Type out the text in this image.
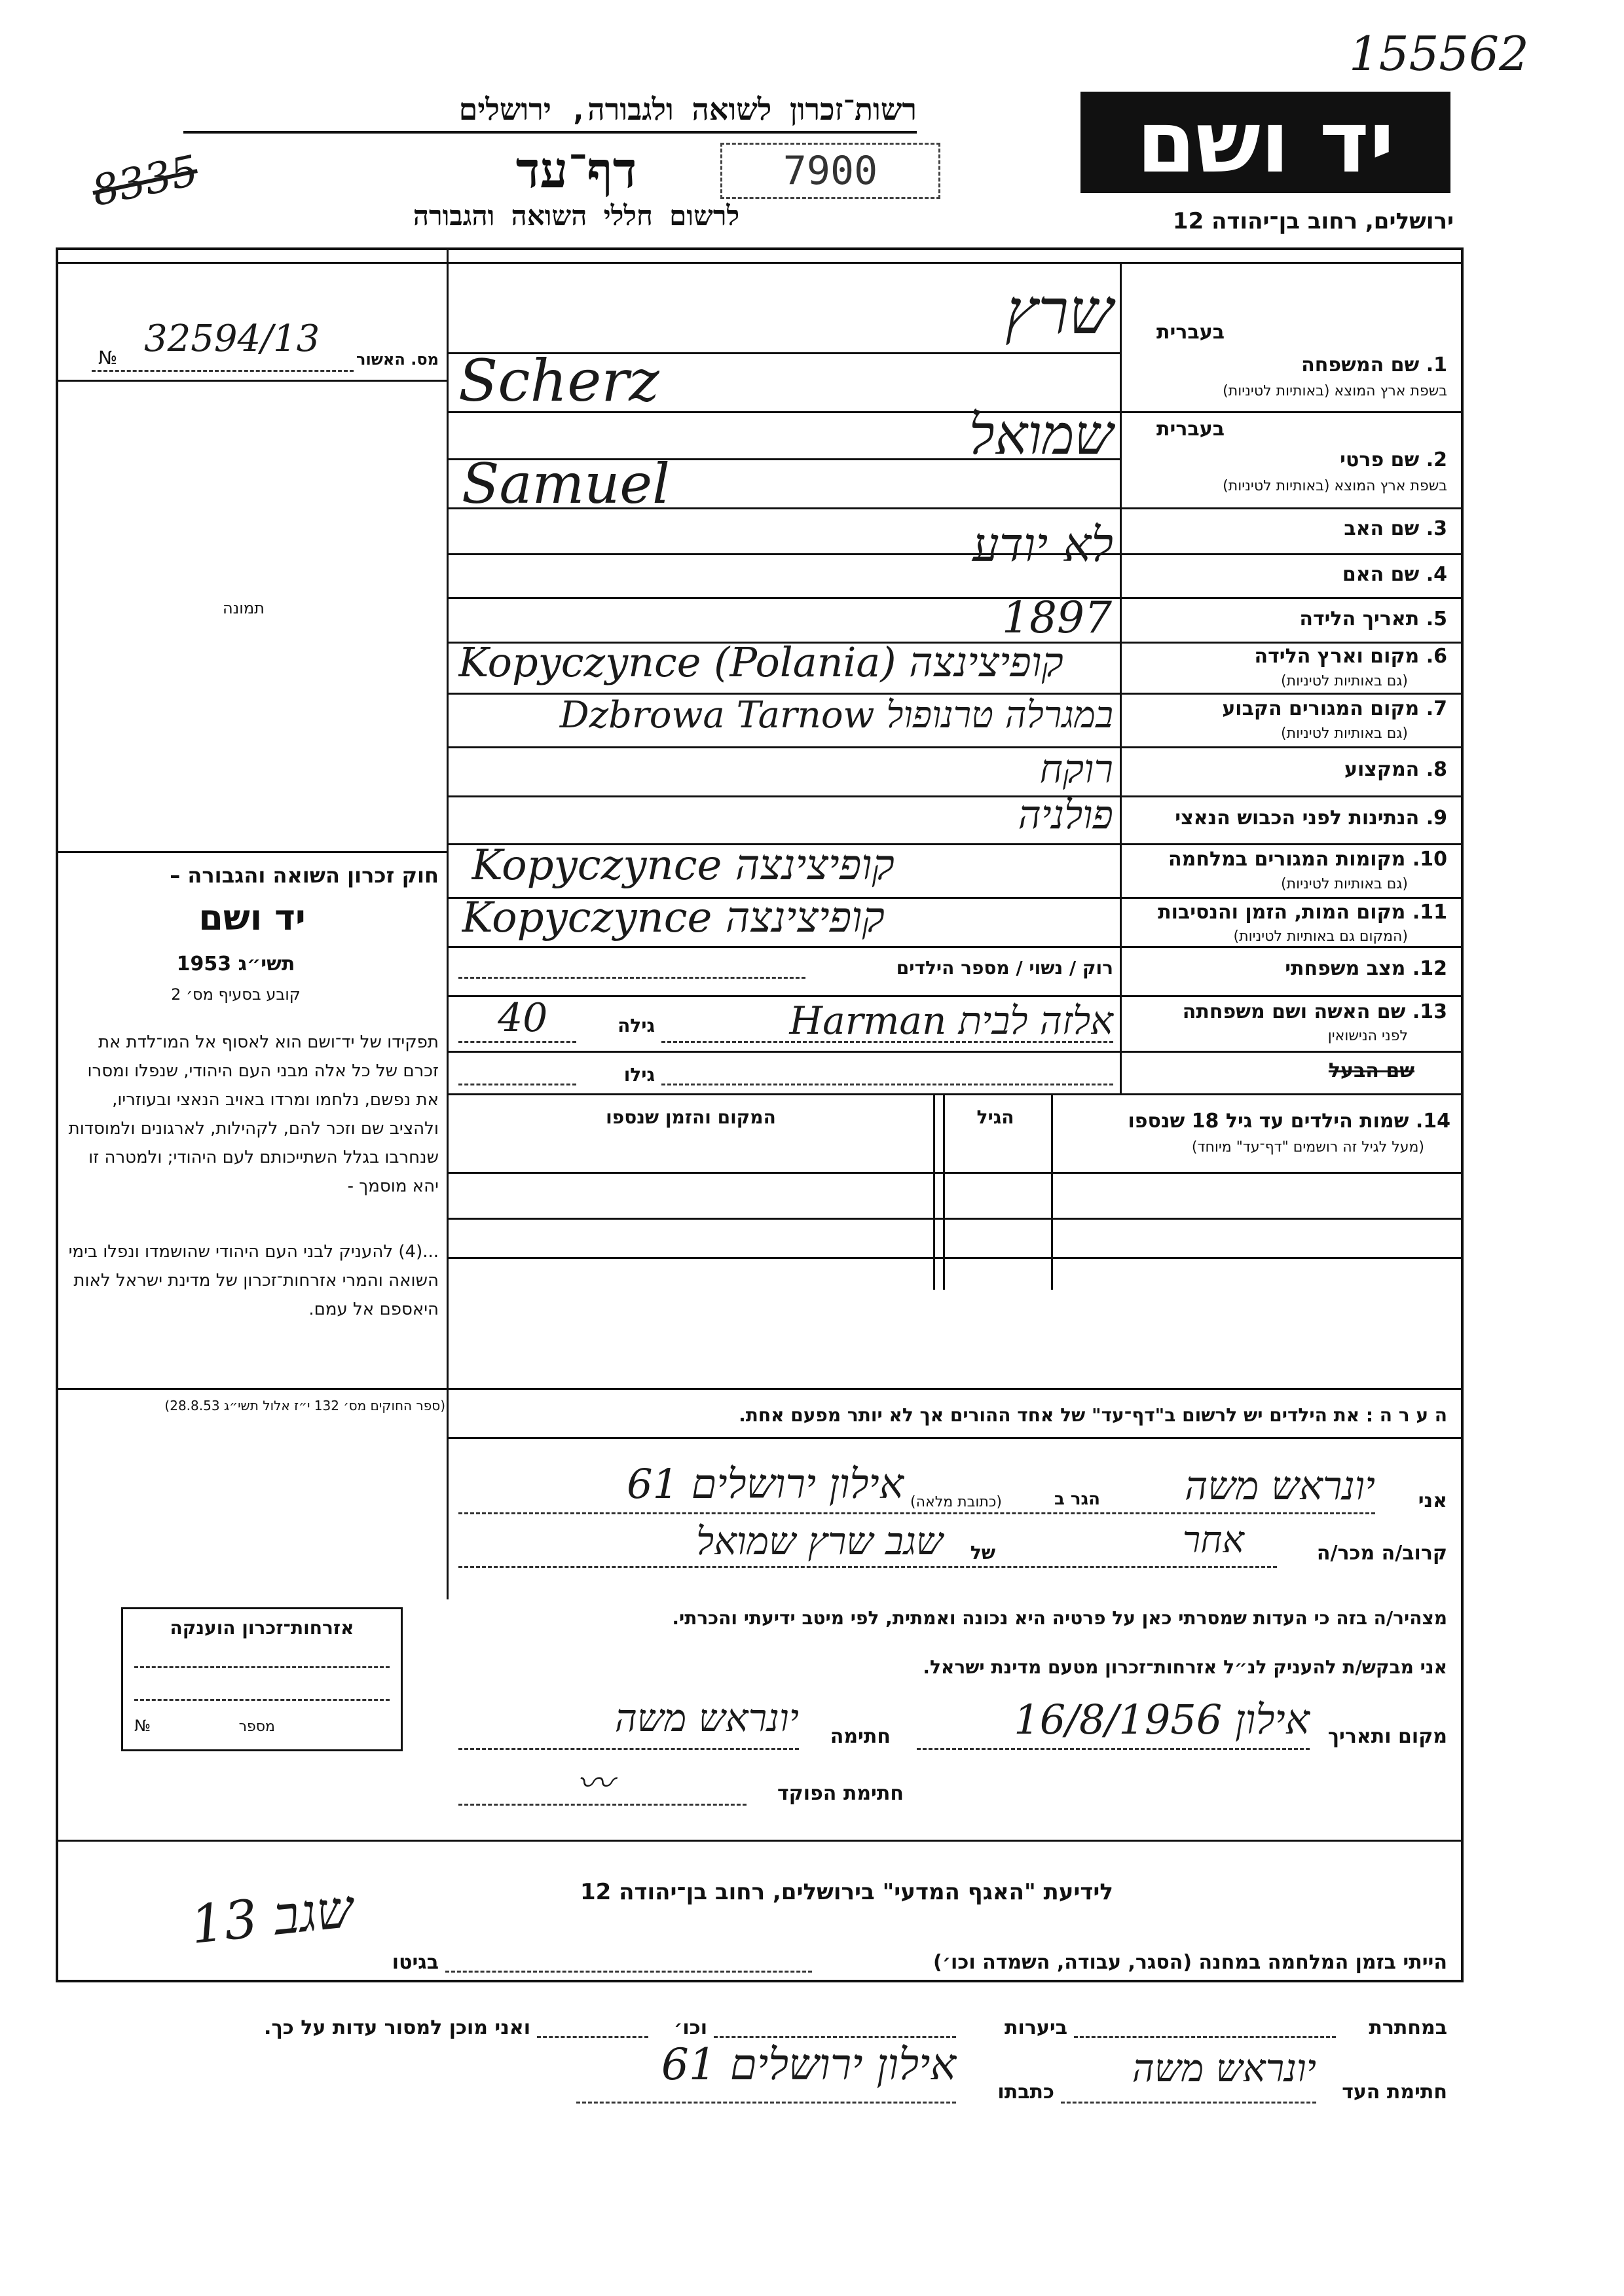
155562
רשות־זכרון לשואה ולגבורה, ירושלים
8335	דף־עד	7900
לרשום חללי השואה והגבורה
יד ושם
ירושלים, רחוב בן־יהודה 12
מס. האשור
№ 32594/13
תמונה
חוק זכרון השואה והגבורה –
יד ושם
תשי״ג 1953
קובע בסעיף מס׳ 2
תפקידו של יד־ושם הוא לאסוף אל המו־לדת את זכרם של כל אלה מבני העם היהודי, שנפלו ומסרו את נפשם, נלחמו ומרדו באויב הנאצי ובעוזריו, ולהציב שם וזכר להם, לקהילות, לארגונים ולמוסדות שנחרבו בגלל השתייכותם לעם היהודי; ולמטרה זו יהא מוסמך -
...(4) להעניק לבני העם היהודי שהושמדו ונפלו בימי השואה והמרי אזרחות־זכרון של מדינת ישראל לאות היאספם אל עמם.
(ספר החוקים מס׳ 132 י״ז אלול תשי״ג 28.8.53)
אזרחות־זכרון הוענקה
מספר
№
בעברית
1. שם המשפחה
בשפת ארץ המוצא (באותיות לטיניות)
שרץ
Scherz
בעברית
2. שם פרטי
בשפת ארץ המוצא (באותיות לטיניות)
שמואל
Samuel
3. שם האב
4. שם האם
לא יודע
5. תאריך הלידה
1897
6. מקום וארץ הלידה
(גם באותיות לטיניות)
Kopyczynce (Polania) קופיצינצה
7. מקום המגורים הקבוע
(גם באותיות לטיניות)
במגרלה טרנופול Dzbrowa Tarnow
8. המקצוע
רוקח
9. הנתינות לפני הכבוש הנאצי
פולניה
10. מקומות המגורים במלחמה
(גם באותיות לטיניות)
Kopyczynce קופיצינצה
11. מקום המות, הזמן והנסיבות
(המקום גם באותיות לטיניות)
Kopyczynce קופיצינצה
12. מצב משפחתי
רוק / נשוי / מספר הילדים
13. שם האשה ושם משפחתה
לפני הנישואין
אלזה לבית Harman
גילה
40
שם הבעל
גילו
14. שמות הילדים עד גיל 18 שנספו
(מעל לגיל זה רושמים "דף־עד" מיוחד)
הגיל
המקום והזמן שנספו
ה ע ר ה : את הילדים יש לרשום ב"דף־עד" של אחד ההורים אך לא יותר מפעם אחת.
אני
יונראש משה
הגר ב
(כתובת מלאה)
אילון ירושלים 61
קרוב/ה מכר/ה
אחר
של
שגב שרץ שמואל
מצהיר/ה בזה כי העדות שמסרתי כאן על פרטיה היא נכונה ואמתית, לפי מיטב ידיעתי והכרתי.
אני מבקש/ת להעניק לנ״ל אזרחות־זכרון מטעם מדינת ישראל.
מקום ותאריך
אילון 16/8/1956
חתימה
יונראש משה
חתימת הפוקד
〰
לידיעת "האגף המדעי" בירושלים, רחוב בן־יהודה 12
הייתי בזמן המלחמה במחנה (הסגר, עבודה, השמדה וכו׳)
בגיטו
שגב 13
במחתרת
ביערות
וכו׳
ואני מוכן למסור עדות על כך.
חתימת העד
יונראש משה
כתבתו
אילון ירושלים 61
